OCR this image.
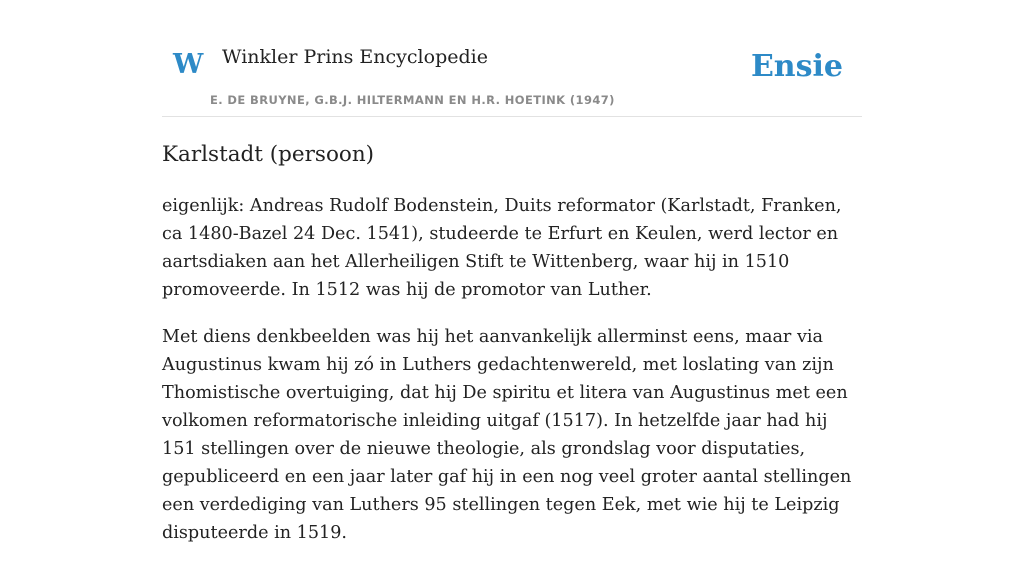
W Winkler Prins Encyclopedie
E. DE BRUYNE, G.B.J. HILTERMANN EN H.R. HOETINK (1947)
Ensie
Karlstadt (persoon)

eigenlijk: Andreas Rudolf Bodenstein, Duits reformator (Karlstadt, Franken, ca 1480-Bazel 24 Dec. 1541), studeerde te Erfurt en Keulen, werd lector en aartsdiaken aan het Allerheiligen Stift te Wittenberg, waar hij in 1510 promoveerde. In 1512 was hij de promotor van Luther.

Met diens denkbeelden was hij het aanvankelijk allerminst eens, maar via Augustinus kwam hij zó in Luthers gedachtenwereld, met loslating van zijn Thomistische overtuiging, dat hij De spiritu et litera van Augustinus met een volkomen reformatorische inleiding uitgaf (1517). In hetzelfde jaar had hij 151 stellingen over de nieuwe theologie, als grondslag voor disputaties, gepubliceerd en een jaar later gaf hij in een nog veel groter aantal stellingen een verdediging van Luthers 95 stellingen tegen Eek, met wie hij te Leipzig disputeerde in 1519.
